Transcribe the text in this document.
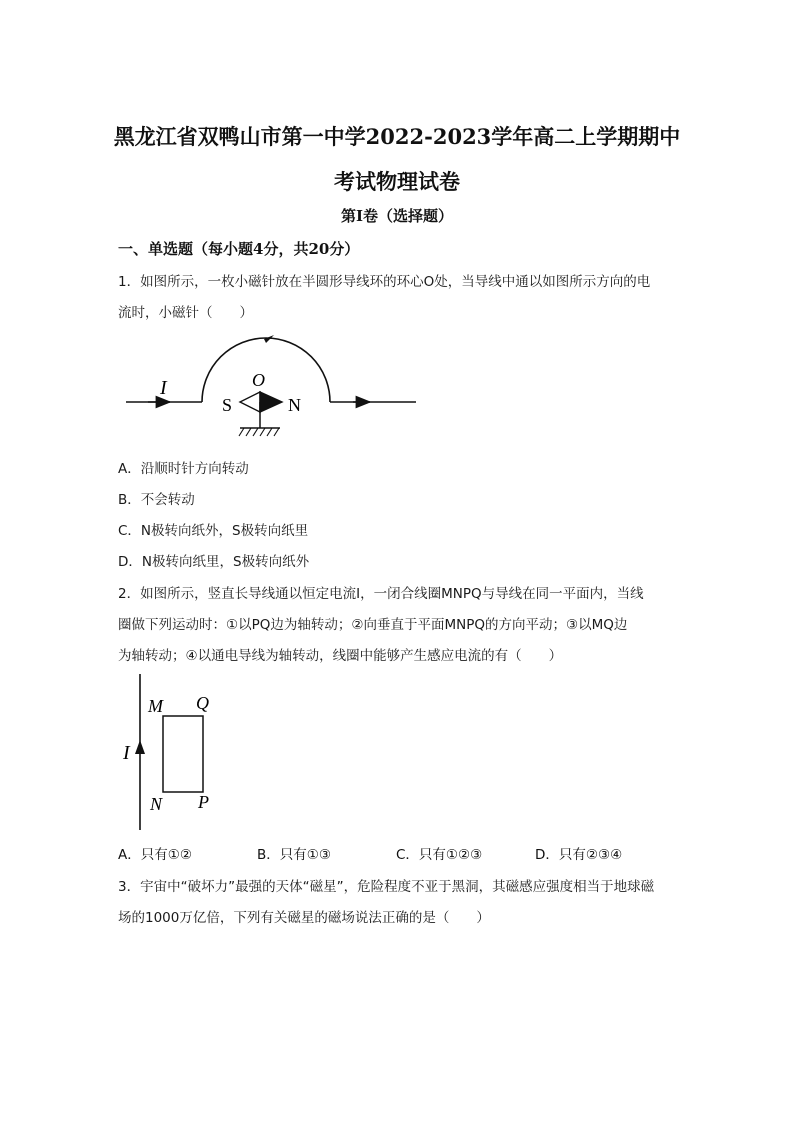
黑龙江省双鸭山市第一中学2022-2023学年高二上学期期中
考试物理试卷
第I卷（选择题）
一、单选题（每小题4分，共20分）
1．如图所示，一枚小磁针放在半圆形导线环的环心O处，当导线中通以如图所示方向的电
流时，小磁针（　　）
I	O
S	N
A．沿顺时针方向转动
B．不会转动
C．N极转向纸外，S极转向纸里
D．N极转向纸里，S极转向纸外
2．如图所示，竖直长导线通以恒定电流I，一闭合线圈MNPQ与导线在同一平面内，当线
圈做下列运动时：①以PQ边为轴转动；②向垂直于平面MNPQ的方向平动；③以MQ边
为轴转动；④以通电导线为轴转动，线圈中能够产生感应电流的有（　　）
I
M Q
N P
A．只有①②	B．只有①③	C．只有①②③	D．只有②③④
3．宇宙中“破坏力”最强的天体“磁星”，危险程度不亚于黑洞，其磁感应强度相当于地球磁
场的1000万亿倍，下列有关磁星的磁场说法正确的是（　　）
